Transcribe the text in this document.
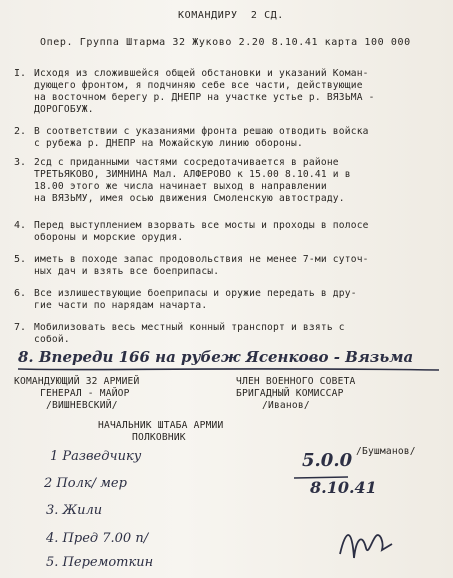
КОМАНДИРУ  2 СД.
Опер. Группа Штарма 32 Жуково 2.20 8.10.41 карта 100 000
I. Исходя из сложившейся общей обстановки и указаний Коман-
дующего фронтом, я подчиняю себе все части, действующие
на восточном берегу р. ДНЕПР на участке устье р. ВЯЗЬМА -
ДОРОГОБУЖ.
2. В соответствии с указаниями фронта решаю отводить войска
с рубежа р. ДНЕПР на Можайскую линию обороны.
3. 2сд с приданными частями сосредотачивается в районе
ТРЕТЬЯКОВО, ЗИМНИНА Мал. АЛФЕРОВО к 15.00 8.10.41 и в
18.00 этого же числа начинает выход в направлении
на ВЯЗЬМУ, имея осью движения Смоленскую автостраду.
4. Перед выступлением взорвать все мосты и проходы в полосе
обороны и морские орудия.
5. иметь в походе запас продовольствия не менее 7-ми суточ-
ных дач и взять все боеприпасы.
6. Все излишествующие боеприпасы и оружие передать в дру-
гие части по нарядам начарта.
7. Мобилизовать весь местный конный транспорт и взять с
собой.
8. Впереди 166 на рубеж Ясенково - Вязьма
КОМАНДУЮЩИЙ 32 АРМИЕЙ
ГЕНЕРАЛ - МАЙОР
/ВИШНЕВСКИЙ/
ЧЛЕН ВОЕННОГО СОВЕТА
БРИГАДНЫЙ КОМИССАР
/Иванов/
НАЧАЛЬНИК ШТАБА АРМИИ
ПОЛКОВНИК
/Бушманов/
1 Разведчику
2 Полк/ мер
3. Жили
4. Пред 7.00 п/
5. Перемоткин
5.0.0
8.10.41
